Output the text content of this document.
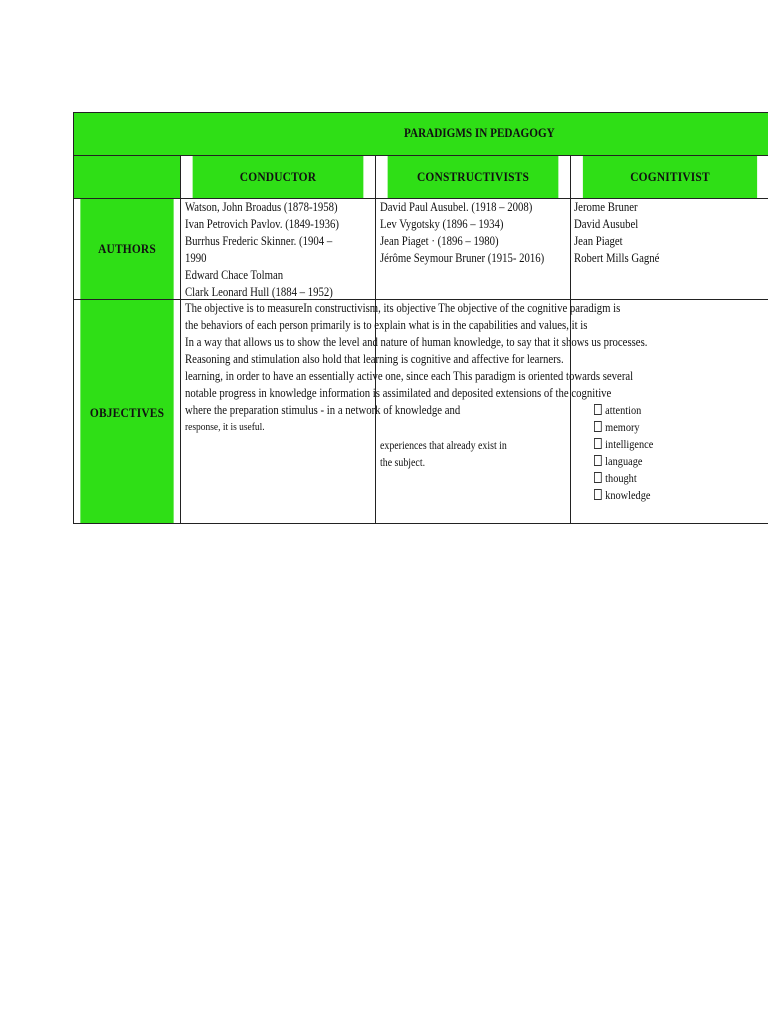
PARADIGMS IN PEDAGOGY
CONDUCTOR	CONSTRUCTIVISTS	COGNITIVIST
AUTHORS
OBJECTIVES
Watson, John Broadus (1878-1958)
Ivan Petrovich Pavlov. (1849-1936)
Burrhus Frederic Skinner. (1904 –
1990
Edward Chace Tolman
Clark Leonard Hull (1884 – 1952)
David Paul Ausubel. (1918 – 2008)
Lev Vygotsky (1896 – 1934)
Jean Piaget · (1896 – 1980)
Jérôme Seymour Bruner (1915- 2016)
Jerome Bruner
David Ausubel
Jean Piaget
Robert Mills Gagné
The objective is to measureIn constructivism, its objective The objective of the cognitive paradigm is
the behaviors of each person primarily is to explain what is in the capabilities and values, it is
In a way that allows us to show the level and nature of human knowledge, to say that it shows us processes.
Reasoning and stimulation also hold that learning is cognitive and affective for learners.
learning, in order to have an essentially active one, since each This paradigm is oriented towards several
notable progress in knowledge information is assimilated and deposited extensions of the cognitive
where the preparation stimulus - in a network of knowledge and
response, it is useful.
experiences that already exist in
the subject.
attention
memory
intelligence
language
thought
knowledge
